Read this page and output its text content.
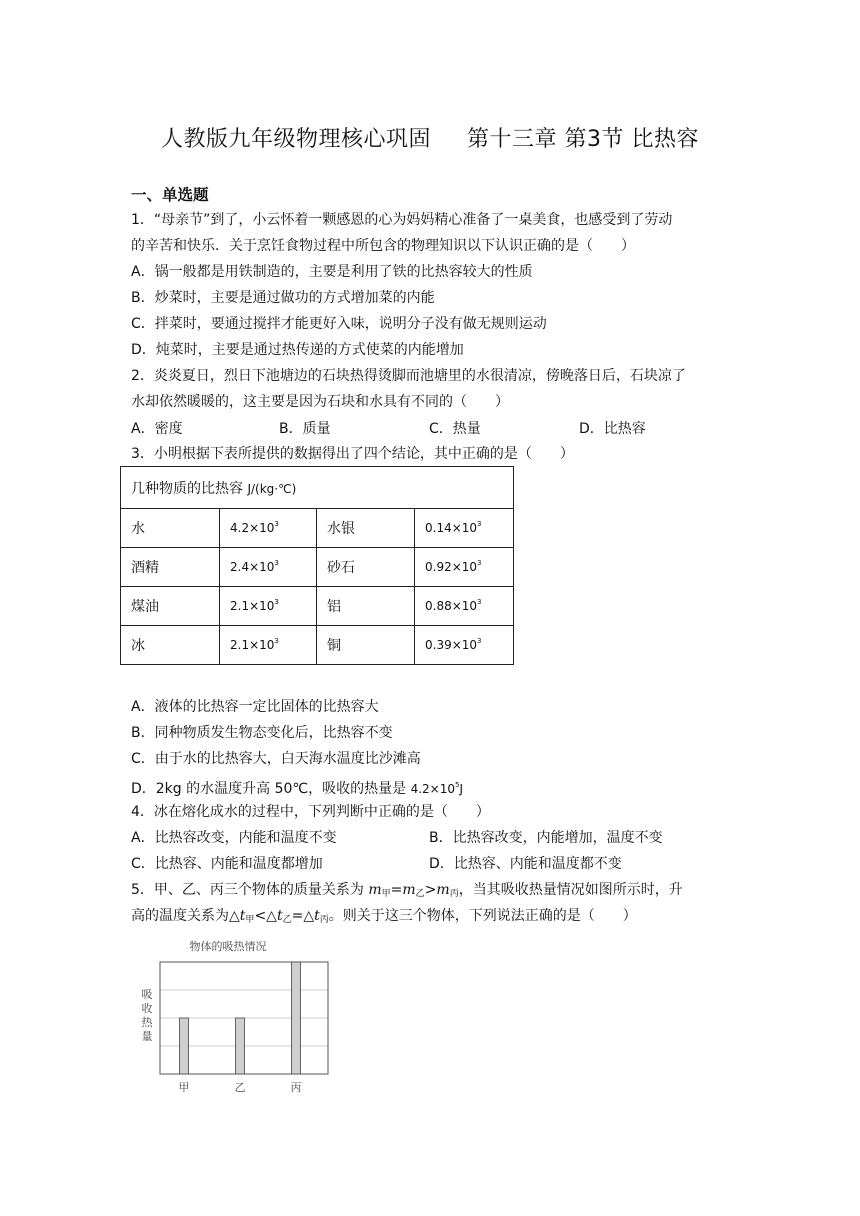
人教版九年级物理核心巩固 第十三章 第3节 比热容
一、单选题
1．“母亲节”到了，小云怀着一颗感恩的心为妈妈精心准备了一桌美食，也感受到了劳动
的辛苦和快乐．关于烹饪食物过程中所包含的物理知识以下认识正确的是（　　）
A．锅一般都是用铁制造的，主要是利用了铁的比热容较大的性质
B．炒菜时，主要是通过做功的方式增加菜的内能
C．拌菜时，要通过搅拌才能更好入味，说明分子没有做无规则运动
D．炖菜时，主要是通过热传递的方式使菜的内能增加
2．炎炎夏日，烈日下池塘边的石块热得烫脚而池塘里的水很清凉，傍晚落日后，石块凉了
水却依然暖暖的，这主要是因为石块和水具有不同的（　　）
A．密度	B．质量	C．热量	D．比热容
3．小明根据下表所提供的数据得出了四个结论，其中正确的是（　　）
几种物质的比热容 J/(kg·℃)			
水	$4.2\times 10^3$	水银	$0.14\times 10^3$
酒精	$2.4\times 10^3$	砂石	$0.92\times 10^3$
煤油	$2.1\times 10^3$	铝	$0.88\times 10^3$
冰	$2.1\times 10^3$	铜	$0.39\times 10^3$
A．液体的比热容一定比固体的比热容大
B．同种物质发生物态变化后，比热容不变
C．由于水的比热容大，白天海水温度比沙滩高
D．2kg 的水温度升高 50℃，吸收的热量是 $4.2\times 10^5J$
4．冰在熔化成水的过程中，下列判断中正确的是（　　）
A．比热容改变，内能和温度不变	B．比热容改变，内能增加，温度不变
C．比热容、内能和温度都增加	D．比热容、内能和温度都不变
5．甲、乙、丙三个物体的质量关系为 $m_甲=m_乙>m_丙$，当其吸收热量情况如图所示时，升
高的温度关系为$\triangle t_甲<\triangle t_乙=\triangle t_丙$。则关于这三个物体，下列说法正确的是（　　）
物体的吸热情况
吸
收
热
量
甲	乙	丙
